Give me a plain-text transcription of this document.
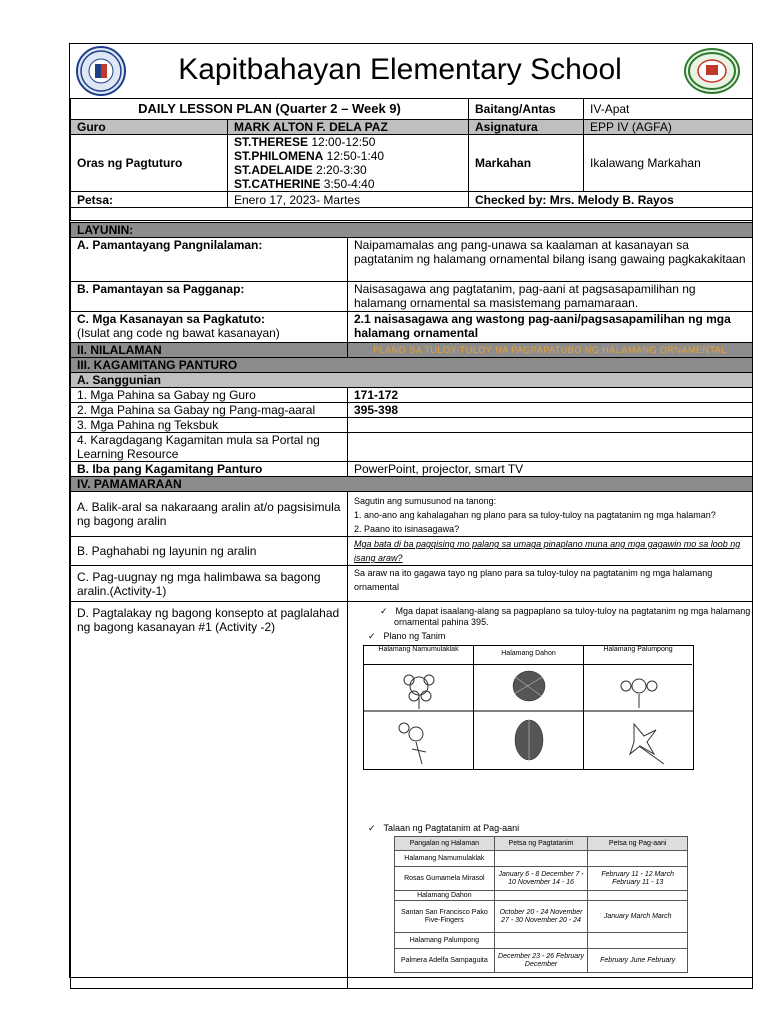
Kapitbahayan Elementary School
DAILY LESSON PLAN (Quarter 2 – Week 9)		Baitang/Antas	IV-Apat
Guro	MARK ALTON F. DELA PAZ	Asignatura	EPP IV (AGFA)
Oras ng Pagtuturo	ST.THERESE 12:00-12:50
ST.PHILOMENA 12:50-1:40
ST.ADELAIDE 2:20-3:30
ST.CATHERINE 3:50-4:40	Markahan	Ikalawang Markahan
Petsa:	Enero 17, 2023- Martes	Checked by: Mrs. Melody B. Rayos	

LAYUNIN:
A. Pamantayang Pangnilalaman:	Naipamamalas ang pang-unawa sa kaalaman at kasanayan sa pagtatanim ng halamang ornamental bilang isang gawaing pagkakakitaan
B. Pamantayan sa Pagganap:	Naisasagawa ang pagtatanim, pag-aani at pagsasapamilihan ng halamang ornamental sa masistemang pamamaraan.

C. Mga Kasanayan sa Pagkatuto:
(Isulat ang code ng bawat kasanayan)
	2.1 naisasagawa ang wastong pag-aani/pagsasapamilihan ng mga halamang ornamental
II. NILALAMAN	PLANO SA TULOY-TULOY NA PAGPAPATUBO NG HALAMANG ORNAMENTAL
III. KAGAMITANG PANTURO
A. Sanggunian
1. Mga Pahina sa Gabay ng Guro	171-172
2. Mga Pahina sa Gabay ng Pang-mag-aaral	395-398
3. Mga Pahina ng Teksbuk	
4. Karagdagang Kagamitan mula sa Portal ng Learning Resource	
B. Iba pang Kagamitang Panturo	PowerPoint, projector, smart TV
IV. PAMAMARAAN
A. Balik-aral sa nakaraang aralin at/o pagsisimula ng bagong aralin	
Sagutin ang sumusunod na tanong:
1. ano-ano ang kahalagahan ng plano para sa tuloy-tuloy na pagtatanim ng mga halaman?
2. Paano ito isinasagawa?

B. Paghahabi ng layunin ng aralin	Mga bata di ba pagqising mo palang sa umaga pinaplano muna ang mga gagawin mo sa loob ng isang araw?
C. Pag-uugnay ng mga halimbawa sa bagong aralin.(Activity-1)	Sa araw na ito gagawa tayo ng plano para sa tuloy-tuloy na pagtatanim ng mga halamang ornamental
D. Pagtalakay ng bagong konsepto at paglalahad ng bagong kasanayan #1 (Activity -2)	
✓ Mga dapat isaalang-alang sa pagpaplano sa tuloy-tuloy na pagtatanim ng mga halamang ornamental pahina 395.
✓ Plano ng Tanim
Halamang Namumulaklak
Halamang Dahon
Halamang Palumpong
✓ Talaan ng Pagtatanim at Pag-aani
Pangalan ng Halaman	Petsa ng Pagtatanim	Petsa ng Pag-aani
Halamang Namumulaklak		
Rosas Gumamela Mirasol	January 6 - 8 December 7 - 10 November 14 - 16	February 11 - 12 March February 11 - 13
Halamang Dahon		
Santan San Francisco Pako Five-Fingers	October 20 - 24 November 27 - 30 November 20 - 24	January March March
Halamang Palumpong		
Palmera Adelfa Sampaguita	December 23 - 26 February December	February June February
